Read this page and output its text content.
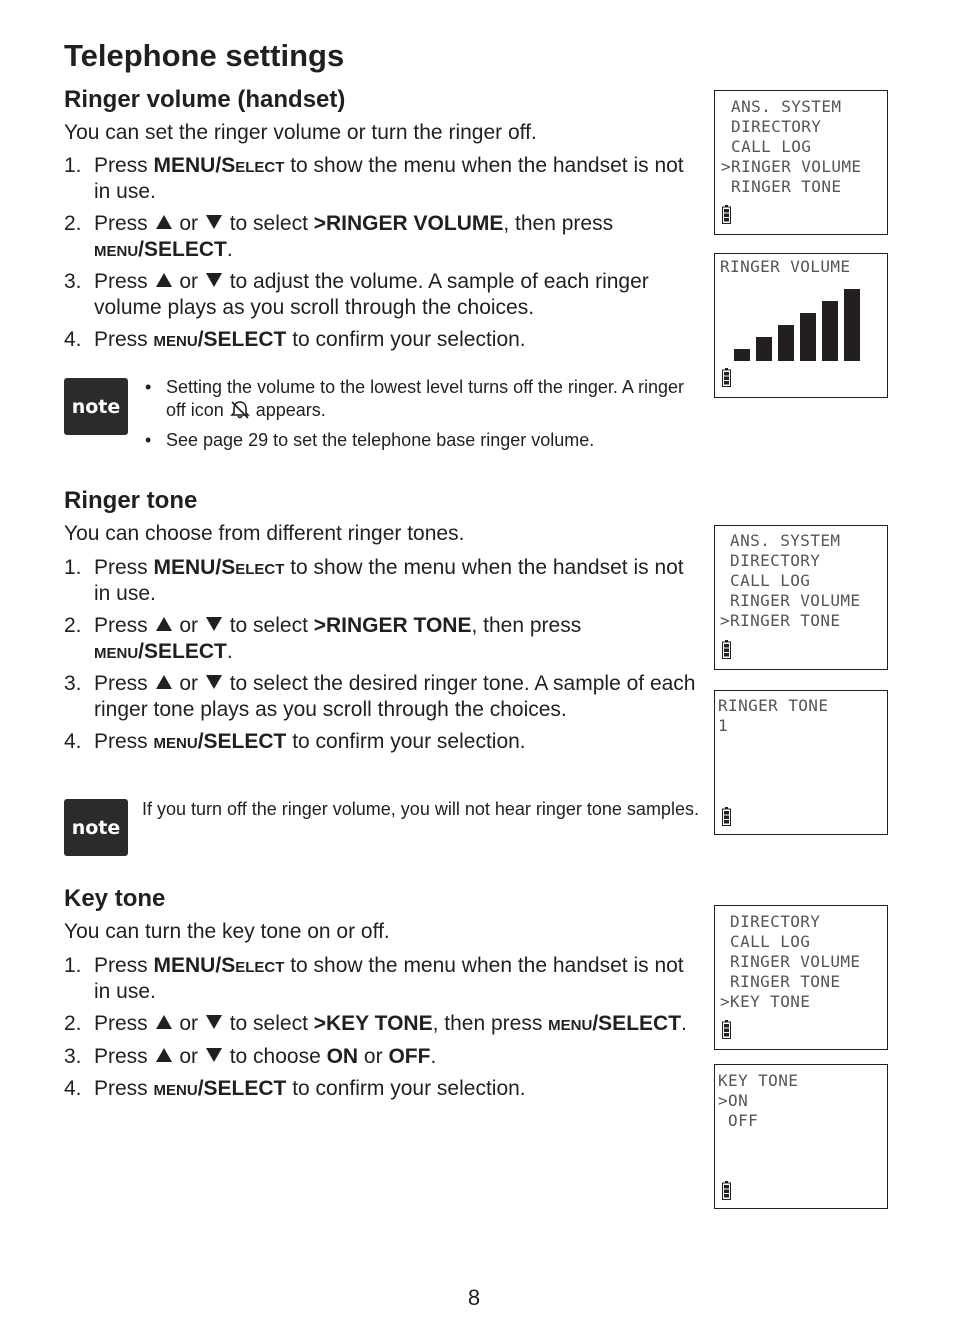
Telephone settings
Ringer volume (handset)
You can set the ringer volume or turn the ringer off.
1. Press MENU/Select to show the menu when the handset is not in use.
2. Press  or  to select >RINGER VOLUME, then press menu/SELECT.
3. Press  or  to adjust the volume. A sample of each ringer volume plays as you scroll through the choices.
4. Press menu/SELECT to confirm your selection.
note
• Setting the volume to the lowest level turns off the ringer. A ringer off icon  appears.
• See page 29 to set the telephone base ringer volume.
Ringer tone
You can choose from different ringer tones.
1. Press MENU/Select to show the menu when the handset is not in use.
2. Press  or  to select >RINGER TONE, then press menu/SELECT.
3. Press  or  to select the desired ringer tone. A sample of each ringer tone plays as you scroll through the choices.
4. Press menu/SELECT to confirm your selection.
note
If you turn off the ringer volume, you will not hear ringer tone samples.
Key tone
You can turn the key tone on or off.
1. Press MENU/Select to show the menu when the handset is not in use.
2. Press  or  to select >KEY TONE, then press menu/SELECT.
3. Press  or  to choose ON or OFF.
4. Press menu/SELECT to confirm your selection.
ANS. SYSTEM
DIRECTORY
CALL LOG
>RINGER VOLUME
RINGER TONE
RINGER VOLUME
ANS. SYSTEM
DIRECTORY
CALL LOG
RINGER VOLUME
>RINGER TONE
RINGER TONE
1
DIRECTORY
CALL LOG
RINGER VOLUME
RINGER TONE
>KEY TONE
KEY TONE
>ON
OFF
8
